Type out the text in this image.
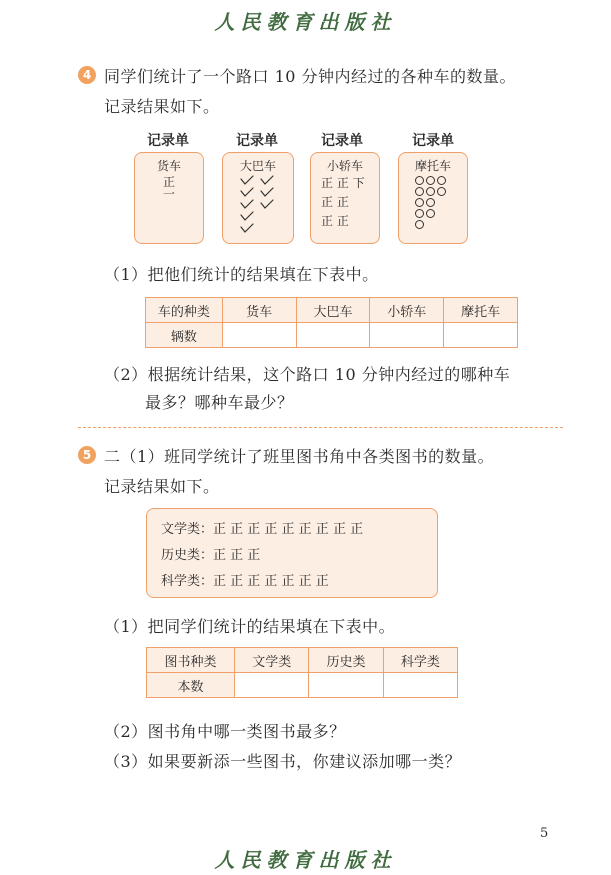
人民教育出版社
4 同学们统计了一个路口 10 分钟内经过的各种车的数量。
记录结果如下。
记录单	记录单	记录单	记录单
货车
正
一
大巴车	小轿车
正 正 下
正 正
正 正
摩托车
（1）把他们统计的结果填在下表中。
车的种类	货车	大巴车	小轿车	摩托车
辆数				
（2）根据统计结果，这个路口 10 分钟内经过的哪种车
最多？哪种车最少？
5 二（1）班同学统计了班里图书角中各类图书的数量。
记录结果如下。
文学类：正 正 正 正 正 正 正 正 正
历史类：正 正 正
科学类：正 正 正 正 正 正 正
（1）把同学们统计的结果填在下表中。
图书种类	文学类	历史类	科学类
本数			
（2）图书角中哪一类图书最多？
（3）如果要新添一些图书，你建议添加哪一类？
5
人民教育出版社
